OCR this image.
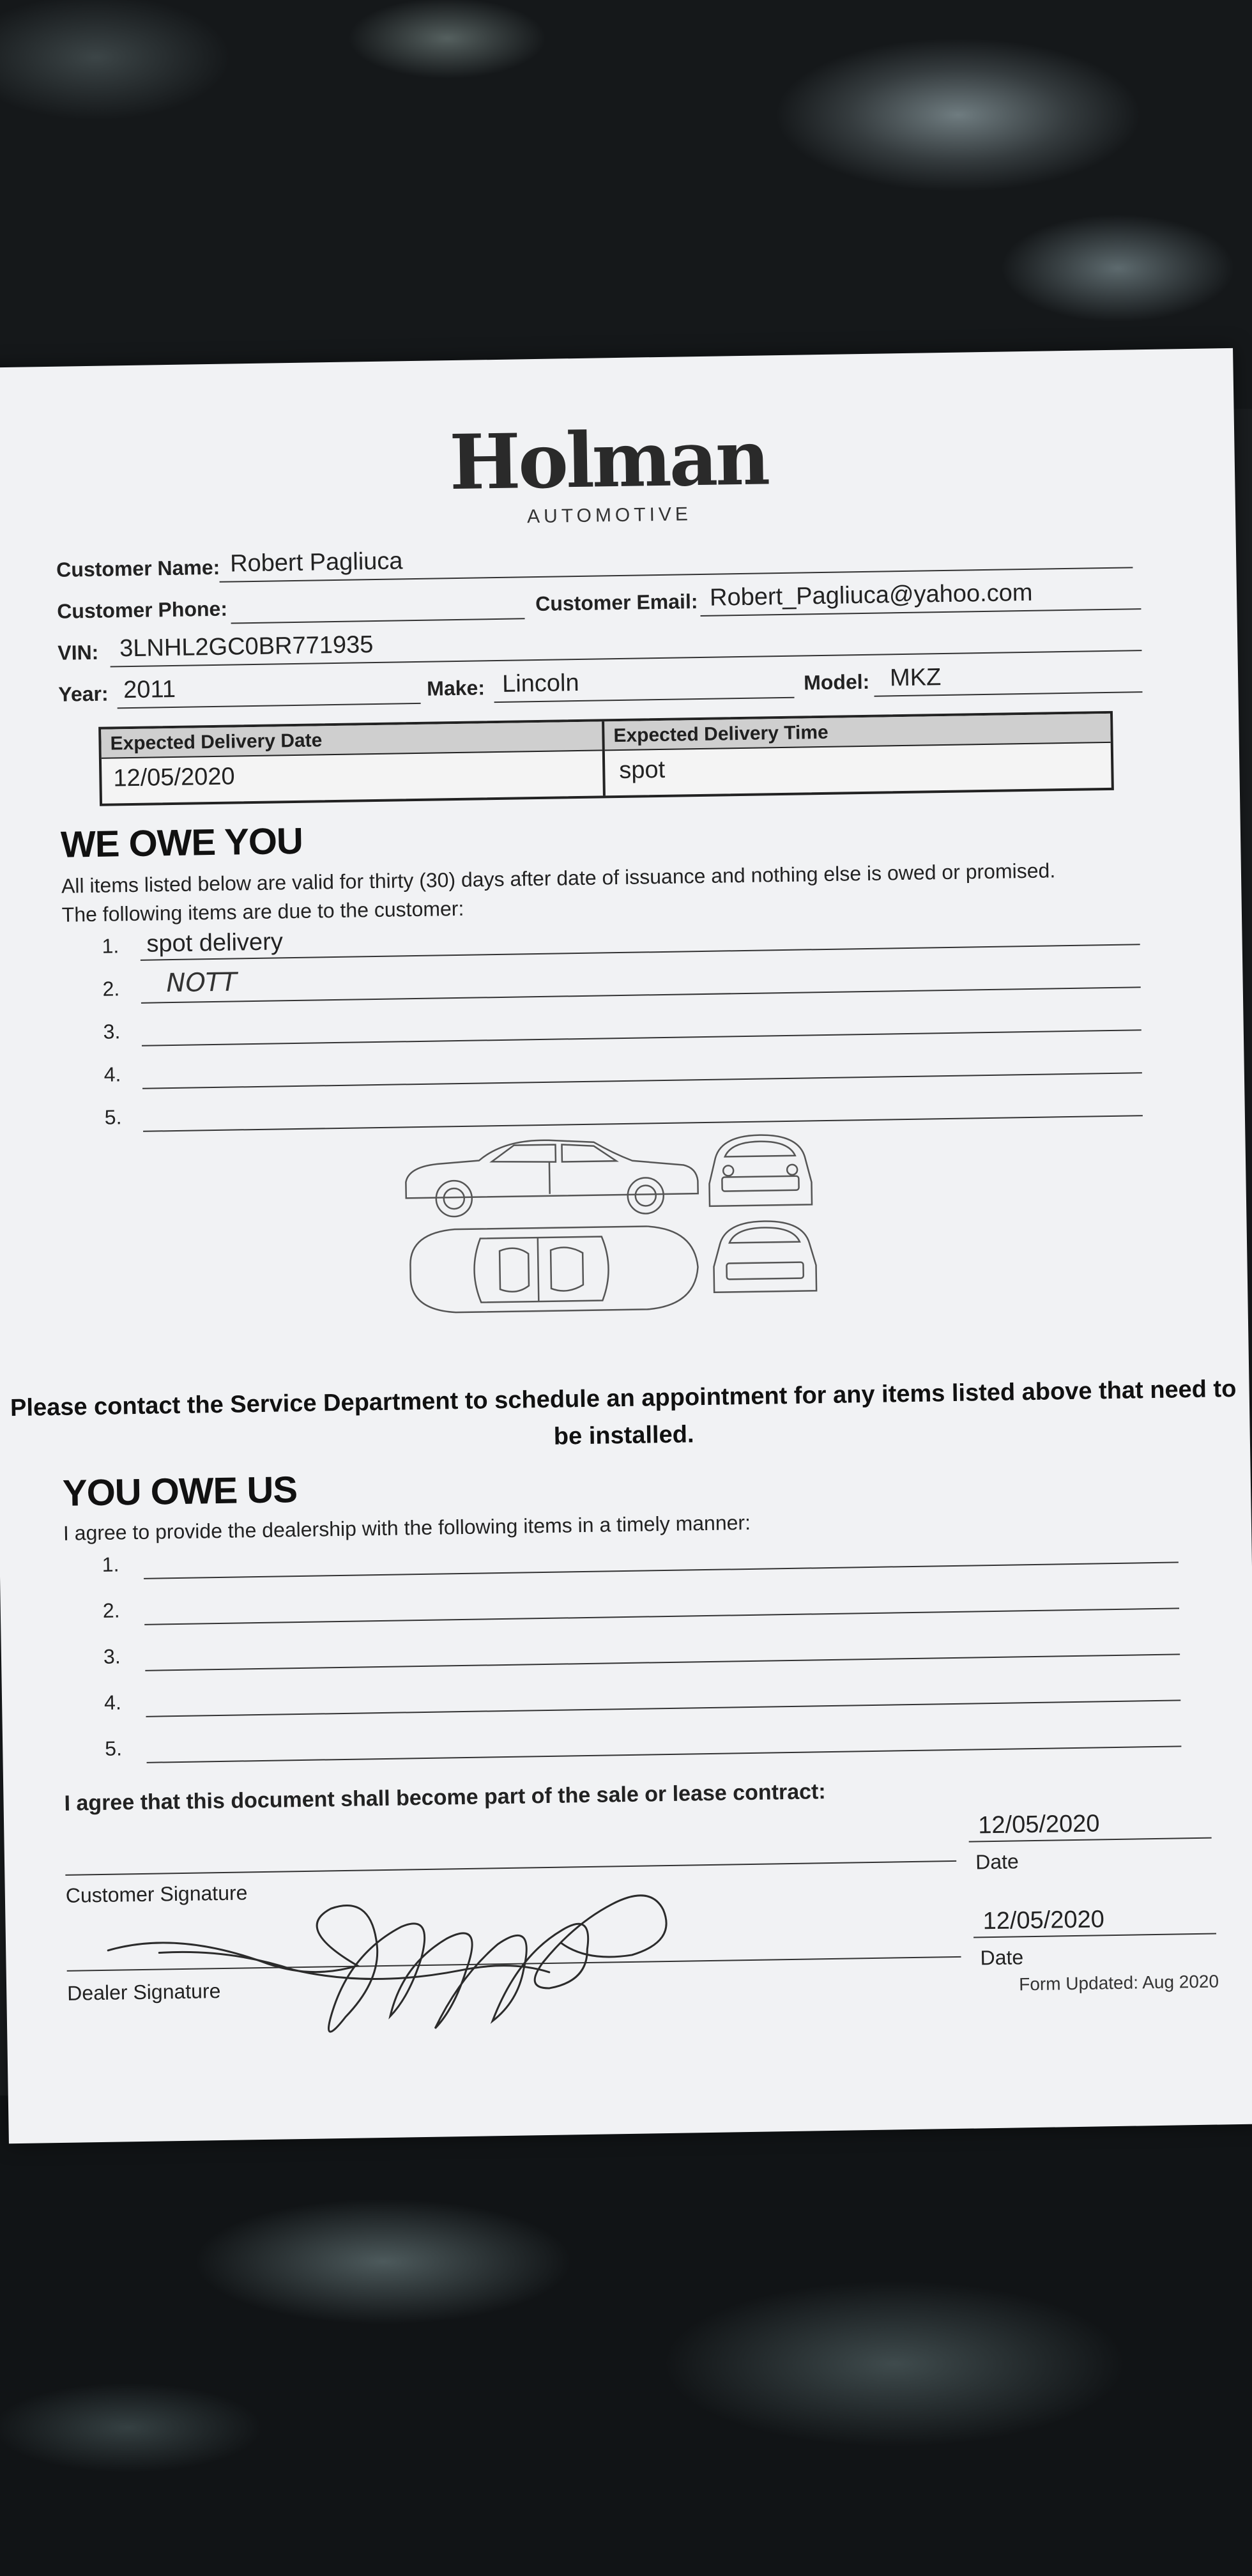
Holman
AUTOMOTIVE
Customer Name: Robert Pagliuca
Customer Phone:	Customer Email: Robert_Pagliuca@yahoo.com
VIN: 3LNHL2GC0BR771935
Year: 2011	Make: Lincoln	Model: MKZ
Expected Delivery Date	Expected Delivery Time
12/05/2020	spot
WE OWE YOU
All items listed below are valid for thirty (30) days after date of issuance and nothing else is owed or promised.
The following items are due to the customer:
1. spot delivery
2. NOTT
3.
4.
5.
Please contact the Service Department to schedule an appointment for any items listed above that need to be installed.
YOU OWE US
I agree to provide the dealership with the following items in a timely manner:
1.
2.
3.
4.
5.
I agree that this document shall become part of the sale or lease contract:
Customer Signature
12/05/2020
Date
Dealer Signature
12/05/2020
Date
Form Updated: Aug 2020
